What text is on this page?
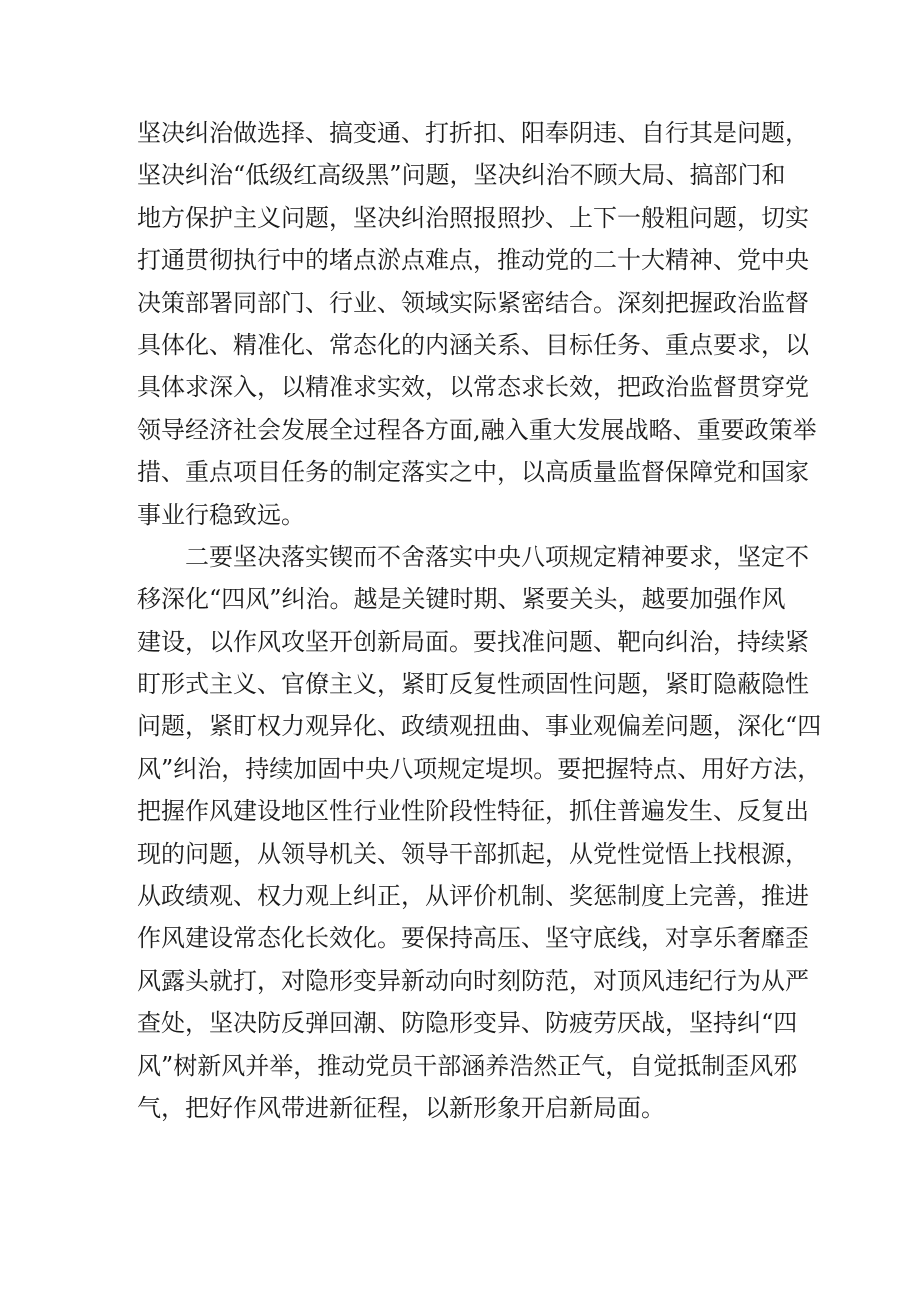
坚决纠治做选择、搞变通、打折扣、阳奉阴违、自行其是问题，
坚决纠治“低级红高级黑”问题，坚决纠治不顾大局、搞部门和
地方保护主义问题，坚决纠治照报照抄、上下一般粗问题，切实
打通贯彻执行中的堵点淤点难点，推动党的二十大精神、党中央
决策部署同部门、行业、领域实际紧密结合。深刻把握政治监督
具体化、精准化、常态化的内涵关系、目标任务、重点要求，以
具体求深入，以精准求实效，以常态求长效，把政治监督贯穿党
领导经济社会发展全过程各方面,融入重大发展战略、重要政策举
措、重点项目任务的制定落实之中，以高质量监督保障党和国家
事业行稳致远。
　　二要坚决落实锲而不舍落实中央八项规定精神要求，坚定不
移深化“四风”纠治。越是关键时期、紧要关头，越要加强作风
建设，以作风攻坚开创新局面。要找准问题、靶向纠治，持续紧
盯形式主义、官僚主义，紧盯反复性顽固性问题，紧盯隐蔽隐性
问题，紧盯权力观异化、政绩观扭曲、事业观偏差问题，深化“四
风”纠治，持续加固中央八项规定堤坝。要把握特点、用好方法，
把握作风建设地区性行业性阶段性特征，抓住普遍发生、反复出
现的问题，从领导机关、领导干部抓起，从党性觉悟上找根源，
从政绩观、权力观上纠正，从评价机制、奖惩制度上完善，推进
作风建设常态化长效化。要保持高压、坚守底线，对享乐奢靡歪
风露头就打，对隐形变异新动向时刻防范，对顶风违纪行为从严
查处，坚决防反弹回潮、防隐形变异、防疲劳厌战，坚持纠“四
风”树新风并举，推动党员干部涵养浩然正气，自觉抵制歪风邪
气，把好作风带进新征程，以新形象开启新局面。
